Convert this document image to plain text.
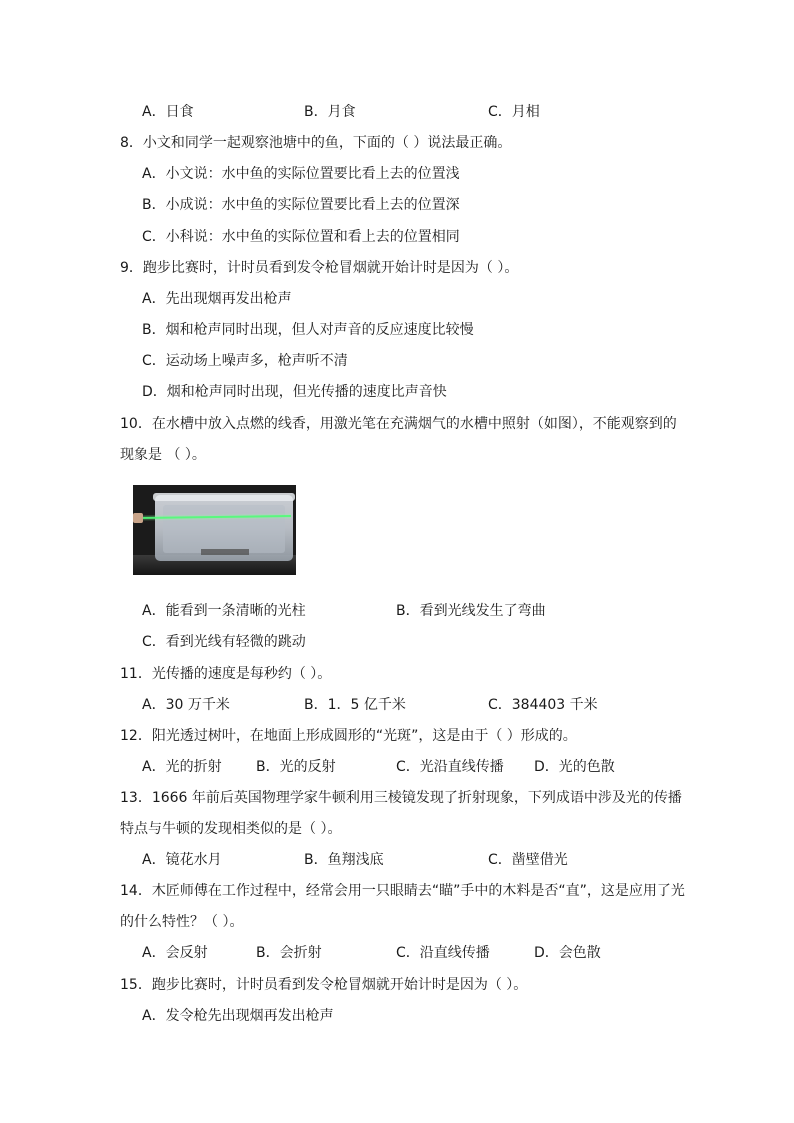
A．日食	B．月食	C．月相
8．小文和同学一起观察池塘中的鱼，下面的（ ）说法最正确。
A．小文说：水中鱼的实际位置要比看上去的位置浅
B．小成说：水中鱼的实际位置要比看上去的位置深
C．小科说：水中鱼的实际位置和看上去的位置相同
9．跑步比赛时，计时员看到发令枪冒烟就开始计时是因为（ ）。
A．先出现烟再发出枪声
B．烟和枪声同时出现，但人对声音的反应速度比较慢
C．运动场上噪声多，枪声听不清
D．烟和枪声同时出现，但光传播的速度比声音快
10．在水槽中放入点燃的线香，用激光笔在充满烟气的水槽中照射（如图），不能观察到的
现象是 （ ）。
A．能看到一条清晰的光柱	B．看到光线发生了弯曲
C．看到光线有轻微的跳动
11．光传播的速度是每秒约（ ）。
A．30 万千米	B．1．5 亿千米	C．384403 千米
12．阳光透过树叶，在地面上形成圆形的“光斑”，这是由于（ ）形成的。
A．光的折射 B．光的反射	C．光沿直线传播 D．光的色散
13．1666 年前后英国物理学家牛顿利用三棱镜发现了折射现象，下列成语中涉及光的传播
特点与牛顿的发现相类似的是（ ）。
A．镜花水月	B．鱼翔浅底	C．凿壁借光
14．木匠师傅在工作过程中，经常会用一只眼睛去“瞄”手中的木料是否“直”，这是应用了光
的什么特性？（ ）。
A．会反射	B．会折射	C．沿直线传播	D．会色散
15．跑步比赛时，计时员看到发令枪冒烟就开始计时是因为（ ）。
A．发令枪先出现烟再发出枪声
